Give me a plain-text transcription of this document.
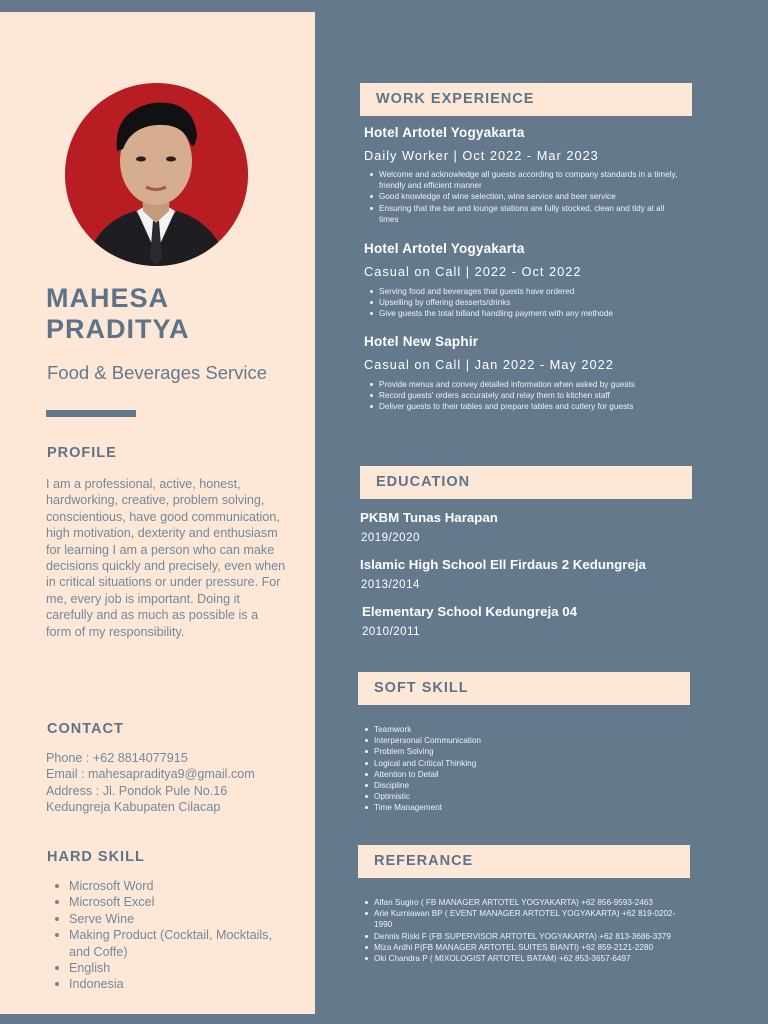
MAHESA
PRADITYA
Food & Beverages Service
PROFILE
I am a professional, active, honest, hardworking, creative, problem solving, conscientious, have good communication, high motivation, dexterity and enthusiasm for learning I am a person who can make decisions quickly and precisely, even when in critical situations or under pressure. For me, every job is important. Doing it carefully and as much as possible is a form of my responsibility.
CONTACT
Phone : +62 8814077915
Email : mahesapraditya9@gmail.com
Address : Jl. Pondok Pule No.16
Kedungreja Kabupaten Cilacap
HARD SKILL
Microsoft Word
Microsoft Excel
Serve Wine
Making Product (Cocktail, Mocktails, and Coffe)
English
Indonesia
WORK EXPERIENCE
Hotel Artotel Yogyakarta
Daily Worker | Oct 2022 - Mar 2023
Welcome and acknowledge all guests according to company standards in a timely, friendly and efficient manner
Good knowledge of wine selection, wine service and beer service
Ensuring that the bar and lounge stations are fully stocked, clean and tidy at all times
Hotel Artotel Yogyakarta
Casual on Call | 2022 - Oct 2022
Serving food and beverages that guests have ordered
Upselling by offering desserts/drinks
Give guests the total billand handling payment with any methode
Hotel New Saphir
Casual on Call | Jan 2022 - May 2022
Provide menus and convey detailed information when asked by guests
Record guests' orders accurately and relay them to kitchen staff
Deliver guests to their tables and prepare tables and cutlery for guests
EDUCATION
PKBM Tunas Harapan
2019/2020
Islamic High School Ell Firdaus 2 Kedungreja
2013/2014
Elementary School Kedungreja 04
2010/2011
SOFT SKILL
Teamwork
Interpersonal Communication
Problem Solving
Logical and Critical Thinking
Attention to Detail
Discipline
Optimistic
Time Management
REFERANCE
Alfan Sugiro ( FB MANAGER ARTOTEL YOGYAKARTA) +62 856-9593-2463
Arie Kurniawan BP ( EVENT MANAGER ARTOTEL YOGYAKARTA) +62 819-0202-1990
Dennis Riski F (FB SUPERVISOR ARTOTEL YOGYAKARTA) +62 813-3686-3379
Miza Ardhi P(FB MANAGER ARTOTEL SUITES BIANTI) +62 859-2121-2280
Oki Chandra P ( MIXOLOGIST ARTOTEL BATAM) +62 853-3657-6497
